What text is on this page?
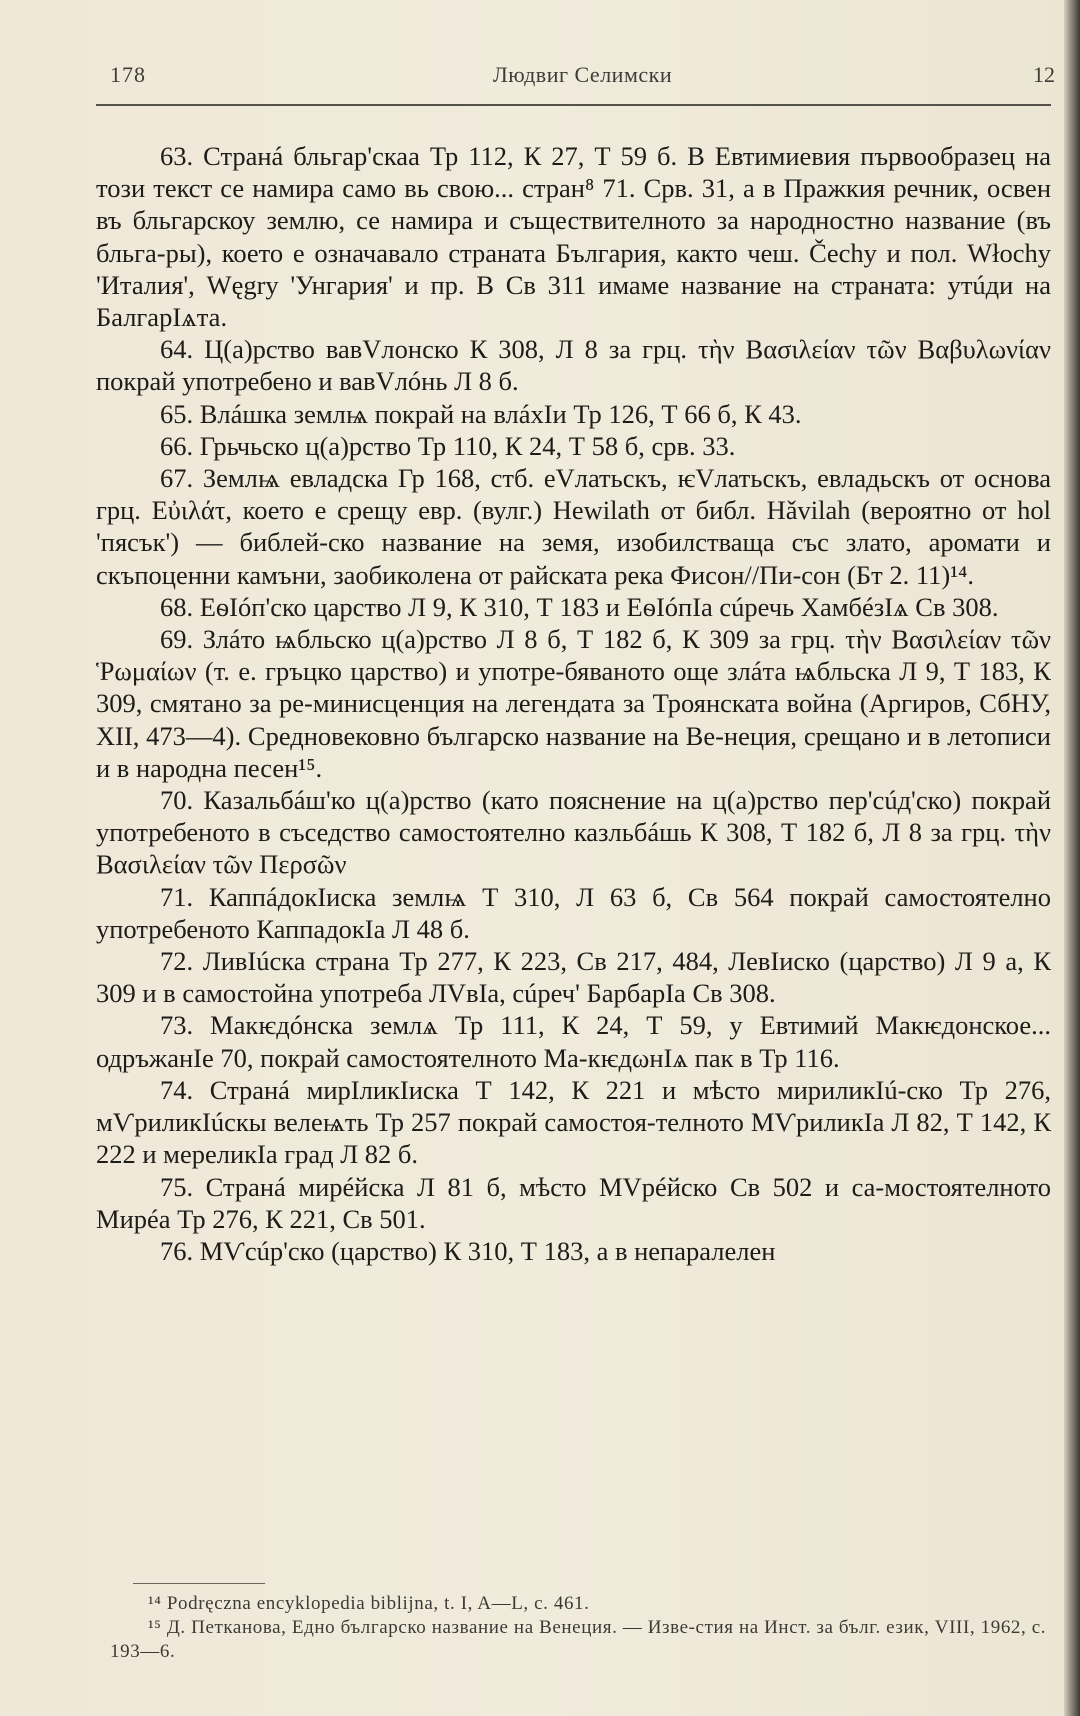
178	Людвиг Селимски	12

63. Странá бльгар'скаа Тр 112, К 27, Т 59 б. В Евтимиевия първообразец на този текст се намира само вь свою... стран⁸ 71. Срв. 31, а в Пражкия речник, освен въ бльгарскоу землю, се намира и съществителното за народностно название (въ бльга-ры), което е означавало страната България, както чеш. Čechy и пол. Włochy 'Италия', Węgry 'Унгария' и пр. В Св 311 имаме название на страната: утúди на БалгарІѧта.

64. Ц(а)рство вавVлонско К 308, Л 8 за грц. τὴν Βασιλείαν τῶν Βαβυλωνίαν покрай употребено и вавVлóнь Л 8 б.

65. Влáшка землѩ покрай на влáхІи Тр 126, Т 66 б, К 43.

66. Грьчьско ц(а)рство Тр 110, К 24, Т 58 б, срв. 33.

67. Землѩ евладска Гр 168, стб. еVлатьскъ, ѥVлатьскъ, евладьскъ от основа грц. Εὐιλάτ, което е срещу евр. (вулг.) Hewilath от библ. Hǎvilah (вероятно от hol 'пясък') — библей-ско название на земя, изобилстваща със злато, аромати и скъпоценни камъни, заобиколена от райската река Фисон//Пи-сон (Бт 2. 11)¹⁴.

68. ЕѳІóп'ско царство Л 9, К 310, Т 183 и ЕѳІóпІа сúречь ХамбéзІѧ Св 308.

69. Злáто ѩбльско ц(а)рство Л 8 б, Т 182 б, К 309 за грц. τὴν Βασιλείαν τῶν Ῥωμαίων (т. е. гръцко царство) и употре-бяваното още злáта ѩбльска Л 9, Т 183, К 309, смятано за ре-минисценция на легендата за Троянската война (Аргиров, СбНУ, XII, 473—4). Средновековно българско название на Ве-неция, срещано и в летописи и в народна песен¹⁵.

70. Казальбáш'ко ц(а)рство (като пояснение на ц(а)рство пер'сúд'ско) покрай употребеното в съседство самостоятелно казльбáшь К 308, Т 182 б, Л 8 за грц. τὴν Βασιλείαν τῶν Περσῶν

71. КаппáдокІиска землѩ Т 310, Л 63 б, Св 564 покрай самостоятелно употребеното КаппадокІа Л 48 б.

72. ЛивІúска страна Тр 277, К 223, Св 217, 484, ЛевІиско (царство) Л 9 а, К 309 и в самостойна употреба ЛVвІа, сúреч' БарбарІа Св 308.

73. Макѥдóнска землѧ Тр 111, К 24, Т 59, у Евтимий Макѥдонское... одръжанІе 70, покрай самостоятелното Ма-кѥдωнІѧ пак в Тр 116.

74. Странá мирІликІиска Т 142, К 221 и мѣсто мириликІú-ско Тр 276, мѴриликІúскы велеѩть Тр 257 покрай самостоя-телното МѴриликІа Л 82, Т 142, К 222 и мереликІа град Л 82 б.

75. Странá мирéйска Л 81 б, мѣсто МVрéйско Св 502 и са-мостоятелното Мирéа Тр 276, К 221, Св 501.

76. МѴсúр'ско (царство) К 310, Т 183, а в непаралелен

¹⁴ Podręczna encyklopedia biblijna, t. I, A—L, c. 461.

¹⁵ Д. Петканова, Едно българско название на Венеция. — Изве-стия на Инст. за бълг. език, VIII, 1962, с. 193—6.
